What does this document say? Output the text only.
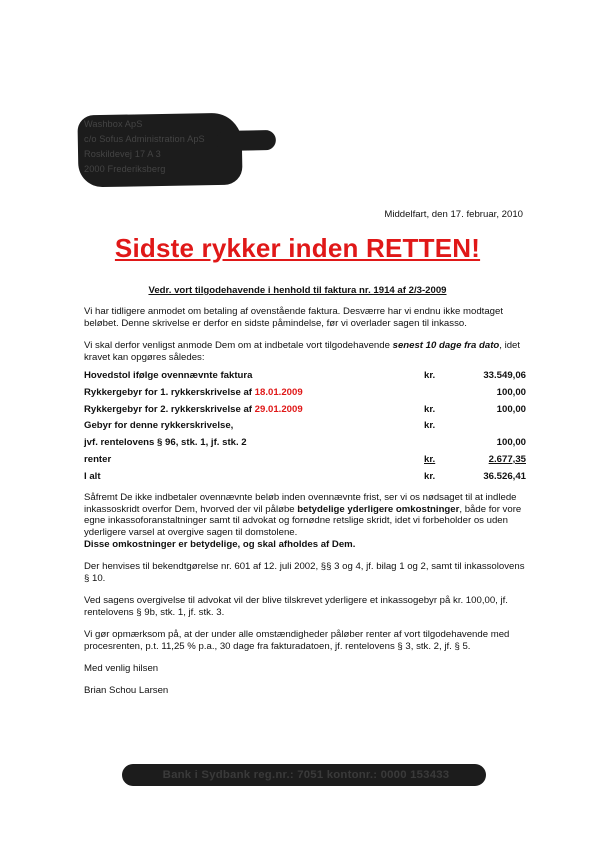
Washbox ApS
c/o Sofus Administration ApS
Roskildevej 17 A 3
2000 Frederiksberg
Middelfart, den 17. februar, 2010
Sidste rykker inden RETTEN!
Vedr. vort tilgodehavende i henhold til faktura nr. 1914 af 2/3-2009

Vi har tidligere anmodet om betaling af ovenstående faktura. Desværre har vi endnu ikke modtaget beløbet. Denne skrivelse er derfor en sidste påmindelse, før vi overlader sagen til inkasso.

Vi skal derfor venligst anmode Dem om at indbetale vort tilgodehavende senest 10 dage fra dato, idet kravet kan opgøres således:

Hovedstol ifølge ovennævnte faktura	kr.	33.549,06
Rykkergebyr for 1. rykkerskrivelse af 18.01.2009		100,00
Rykkergebyr for 2. rykkerskrivelse af 29.01.2009	kr.	100,00
Gebyr for denne rykkerskrivelse,	kr.	
jvf. rentelovens § 96, stk. 1, jf. stk. 2		100,00
renter	kr.	2.677,35
I alt	kr.	36.526,41

Såfremt De ikke indbetaler ovennævnte beløb inden ovennævnte frist, ser vi os nødsaget til at indlede inkassoskridt overfor Dem, hvorved der vil påløbe betydelige yderligere omkostninger, både for vore egne inkassoforanstaltninger samt til advokat og fornødne retslige skridt, idet vi forbeholder os uden yderligere varsel at overgive sagen til domstolene.
Disse omkostninger er betydelige, og skal afholdes af Dem.

Der henvises til bekendtgørelse nr. 601 af 12. juli 2002, §§ 3 og 4, jf. bilag 1 og 2, samt til inkassolovens § 10.

Ved sagens overgivelse til advokat vil der blive tilskrevet yderligere et inkassogebyr på kr. 100,00, jf. rentelovens § 9b, stk. 1, jf. stk. 3.

Vi gør opmærksom på, at der under alle omstændigheder påløber renter af vort tilgodehavende med procesrenten, p.t. 11,25 % p.a., 30 dage fra fakturadatoen, jf. rentelovens § 3, stk. 2, jf. § 5.

Med venlig hilsen

Brian Schou Larsen

Bank i Sydbank reg.nr.: 7051 kontonr.: 0000 153433
